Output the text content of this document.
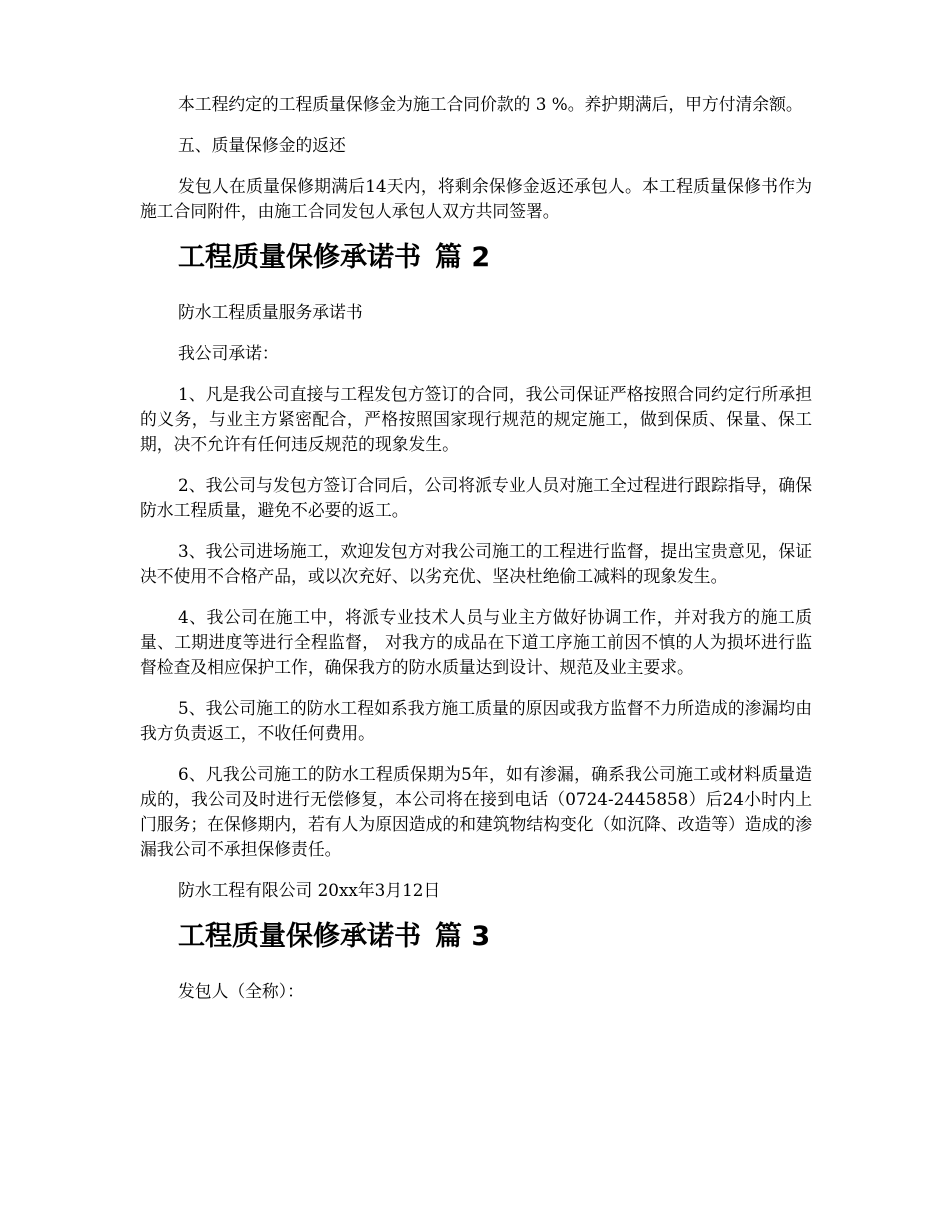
本工程约定的工程质量保修金为施工合同价款的 3 %。养护期满后，甲方付清余额。

五、质量保修金的返还

发包人在质量保修期满后14天内，将剩余保修金返还承包人。本工程质量保修书作为施工合同附件，由施工合同发包人承包人双方共同签署。

工程质量保修承诺书 篇 2

防水工程质量服务承诺书

我公司承诺：

1、凡是我公司直接与工程发包方签订的合同，我公司保证严格按照合同约定行所承担的义务，与业主方紧密配合，严格按照国家现行规范的规定施工，做到保质、保量、保工期，决不允许有任何违反规范的现象发生。

2、我公司与发包方签订合同后，公司将派专业人员对施工全过程进行跟踪指导，确保防水工程质量，避免不必要的返工。

3、我公司进场施工，欢迎发包方对我公司施工的工程进行监督，提出宝贵意见，保证决不使用不合格产品，或以次充好、以劣充优、坚决杜绝偷工减料的现象发生。

4、我公司在施工中，将派专业技术人员与业主方做好协调工作，并对我方的施工质量、工期进度等进行全程监督， 对我方的成品在下道工序施工前因不慎的人为损坏进行监督检查及相应保护工作，确保我方的防水质量达到设计、规范及业主要求。

5、我公司施工的防水工程如系我方施工质量的原因或我方监督不力所造成的渗漏均由我方负责返工，不收任何费用。

6、凡我公司施工的防水工程质保期为5年，如有渗漏，确系我公司施工或材料质量造成的，我公司及时进行无偿修复，本公司将在接到电话（0724-2445858）后24小时内上门服务；在保修期内，若有人为原因造成的和建筑物结构变化（如沉降、改造等）造成的渗漏我公司不承担保修责任。

防水工程有限公司 20xx年3月12日

工程质量保修承诺书 篇 3

发包人（全称）：
